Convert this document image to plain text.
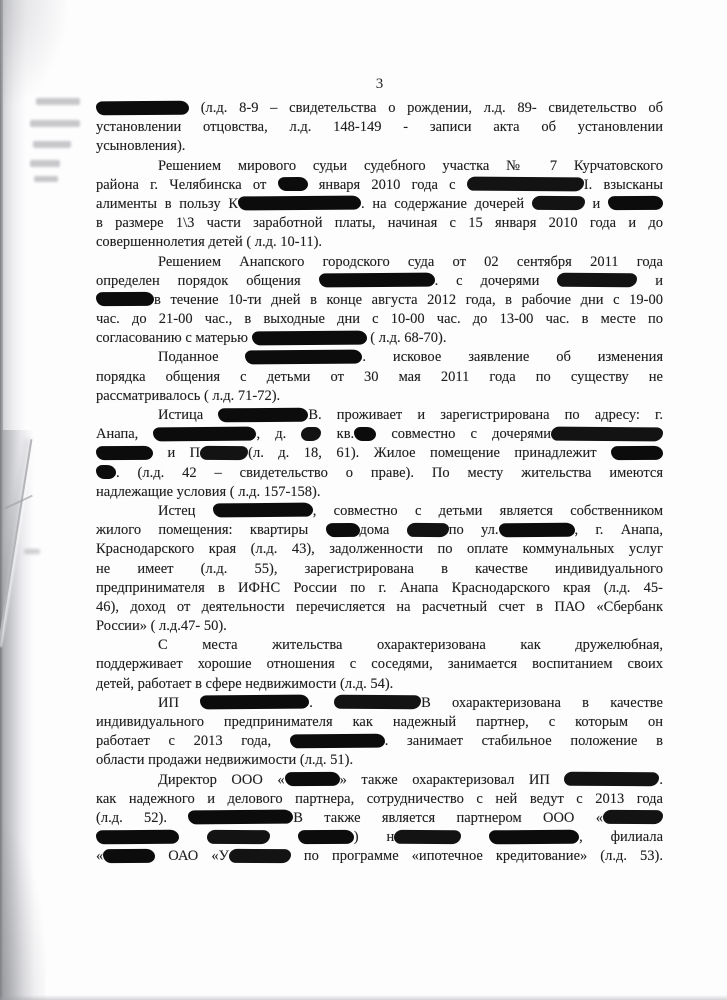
3
(л.д. 8-9 – свидетельства о рождении, л.д. 89- свидетельство об
установлении отцовства, л.д. 148-149 - записи акта об установлении
усыновления).
Решением мирового судьи судебного участка № 7 Курчатовского
района г. Челябинска от  января 2010 года с	І. взысканы
алименты в пользу К	. на содержание дочерей	и
в размере 1\3 части заработной платы, начиная с 15 января 2010 года и до
совершеннолетия детей ( л.д. 10-11).
Решением Анапского городского суда от 02 сентября 2011 года
определен порядок общения	. с дочерями	и
в течение 10-ти дней в конце августа 2012 года, в рабочие дни с 19-00
час. до 21-00 час., в выходные дни с 10-00 час. до 13-00 час. в месте по
согласованию с матерью	( л.д. 68-70).
Поданное	. исковое заявление об изменения
порядка общения с детьми от 30 мая 2011 года по существу не
рассматривалось ( л.д. 71-72).
Истица	В. проживает и зарегистрирована по адресу: г.
Анапа,	, д.  кв. совместно с дочерями
и П	(л. д. 18, 61). Жилое помещение принадлежит
. (л.д. 42 – свидетельство о праве). По месту жительства имеются
надлежащие условия ( л.д. 157-158).
Истец	, совместно с детьми является собственником
жилого помещения: квартиры дома	по ул.	, г. Анапа,
Краснодарского края (л.д. 43), задолженности по оплате коммунальных услуг
не имеет (л.д. 55), зарегистрирована в качестве индивидуального
предпринимателя в ИФНС России по г. Анапа Краснодарского края (л.д. 45-
46), доход от деятельности перечисляется на расчетный счет в ПАО «Сбербанк
России» ( л.д.47- 50).
С места жительства охарактеризована как дружелюбная,
поддерживает хорошие отношения с соседями, занимается воспитанием своих
детей, работает в сфере недвижимости (л.д. 54).
ИП	.	В охарактеризована в качестве
индивидуального предпринимателя как надежный партнер, с которым он
работает с 2013 года,	. занимает стабильное положение в
области продажи недвижимости (л.д. 51).
Директор ООО «	» также охарактеризовал ИП	.
как надежного и делового партнера, сотрудничество с ней ведут с 2013 года
(л.д. 52).	В также является партнером ООО «
) н	, филиала
«	ОАО «У	по программе «ипотечное кредитование» (л.д. 53).
